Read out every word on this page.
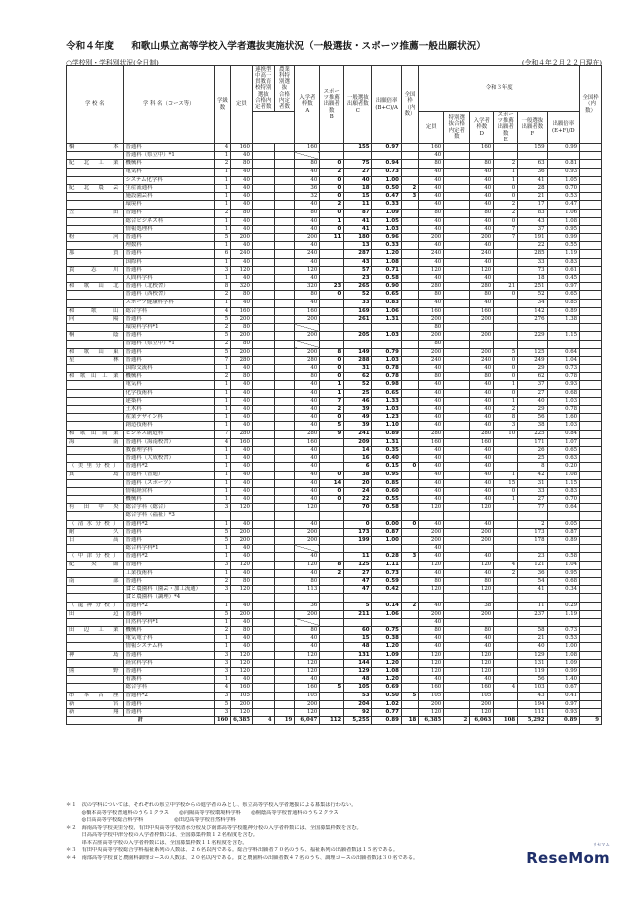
令和４年度 和歌山県立高等学校入学者選抜実施状況（一般選抜・スポーツ推薦一般出願状況）
○学校別・学科別状況(全日制)	(令和４年２月２２日現在)
学 校 名	学 科 名（コース等）	学級数	定員	連携型中高一貫教育校特別選抜
合格内定者数	農業科特別選抜
合格内定者数	入学者枠数
A	スポーツ推薦
出願者数
B	一般選抜
出願者数
C	出願倍率
(B+C)/A	全国枠（内数）	令和３年度						全国枠（内数）
											定員	特別選抜合格内定者数	入学者枠数
D	スポーツ推薦出願者数
E	一般選抜出願者数
F	出願倍率
(E+F)/D	
橋本	普通科	4	160			160		155	0.97		160		160		159	0.99	
	普通科（県立中）*1	1	40								40						
紀北工業	機械科	2	80			80	0	75	0.94		80		80	2	63	0.81	
	電気科	1	40			40	2	27	0.73		40		40	1	36	0.93	
	システム化学科	1	40			40	0	40	1.00		40		40	1	41	1.05	
紀北農芸	生産流通科	1	40			36	0	18	0.50	2	40		40	0	28	0.70	
	施設園芸科	1	40			32	0	15	0.47	3	40		40	0	21	0.53	
	環境科	1	40			40	2	11	0.33		40		40	2	17	0.47	
笠田	普通科	2	80			80	0	87	1.09		80		80	2	83	1.06	
	総合ビジネス科	1	40			40	1	41	1.05		40		40	0	43	1.08	
	情報処理科	1	40			40	0	41	1.03		40		40	7	37	0.95	
粉河	普通科	5	200			200	11	180	0.96		200		200	7	191	0.99	
	理数科	1	40			40		13	0.33		40		40		22	0.55	
那賀	普通科	6	240			240		287	1.20		240		240		285	1.19	
	国際科	1	40			40		43	1.08		40		40		33	0.83	
貴志川	普通科	3	120			120		57	0.71		120		120		73	0.61	
	人間科学科	1	40			40		23	0.58		40		40		18	0.45	
和歌山北	普通科（北校舎）	8	320			320	23	265	0.90		280		280	21	251	0.97	
	普通科（西校舎）	2	80			80	0	52	0.65		80		80	0	52	0.65	
	スポーツ健康科学科	1	40			40		33	0.83		40		40		34	0.85	
和歌山	総合学科	4	160			160		169	1.06		160		160		142	0.89	
向陽	普通科	5	200			200		261	1.31		200		200		276	1.38	
	環境科学科*1	2	80								80						
桐蔭	普通科	5	200			200		205	1.03		200		200		229	1.15	
	普通科（県立中）*1	2	80								80						
和歌山東	普通科	5	200			200	8	149	0.79		200		200	5	125	0.64	
星林	普通科	7	280			280	0	288	1.03		240		240	0	249	1.04	
	国際交流科	1	40			40	0	31	0.78		40		40	0	29	0.73	
和歌山工業	機械科	2	80			80	0	62	0.78		80		80	0	62	0.78	
	電気科	1	40			40	1	52	0.98		40		40	1	37	0.93	
	化学技術科	1	40			40	1	25	0.65		40		40	0	27	0.68	
	建築科	1	40			40	7	46	1.33		40		40	1	40	1.03	
	土木科	1	40			40	2	39	1.03		40		40	2	29	0.78	
	産業デザイン科	1	40			40	0	49	1.23		40		40	8	56	1.60	
	創造技術科	1	40			40	5	39	1.10		40		40	3	38	1.03	
和歌山商業	ビジネス創造科	7	280			280	9	241	0.89		280		280	10	225	0.84	
海南	普通科（海南校舎）	4	160			160		209	1.31		160		160		171	1.07	
	教養理学科	1	40			40		14	0.35		40		40		26	0.65	
	普通科（大成校舎）	1	40			40		16	0.40		40		40		25	0.63	
（美里分校）	普通科*2	1	40			40		6	0.15	0	40		40		8	0.20	
箕島	普通科（普通）	1	40			40	0	38	0.95		40		40	1	42	1.08	
	普通科（スポーツ）	1	40			40	14	20	0.85		40		40	15	31	1.15	
	情報経営科	1	40			40	0	24	0.60		40		40	0	33	0.83	
	機械科	1	40			40	0	22	0.55		40		40	1	27	0.70	
有田中央	総合学科（総合）	3	120			120		70	0.58		120		120		77	0.64	
	総合学科（福祉）*3																
（清水分校）	普通科*2	1	40			40		0	0.00	0	40		40		2	0.05	
耐久	普通科	5	200			200		173	0.87		200		200		173	0.87	
日高	普通科	5	200			200		199	1.00		200		200		178	0.89	
	総合科学科*1	1	40								40						
（中津分校）	普通科*2	1	40			40		11	0.28	3	40		40		23	0.58	
紀央館	普通科	3	120			120	8	125	1.11		120		120	4	121	1.04	
	工業技術科	1	40			40	2	27	0.73		40		40	2	36	0.95	
南部	普通科	2	80			80		47	0.59		80		80		54	0.68	
	食と農園科（園芸・加工流通）	3	120			113		47	0.42		120		120		41	0.34	
	食と農園科（調理）*4																
（龍神分校）	普通科*2	1	40			36		5	0.14	2	40		38		11	0.29	
田辺	普通科	5	200			200		211	1.06		200		200		237	1.19	
	自然科学科*1	1	40								40						
田辺工業	機械科	2	80			80		60	0.75		80		80		58	0.73	
	電気電子科	1	40			40		15	0.38		40		40		21	0.53	
	情報システム科	1	40			40		48	1.20		40		40		40	1.00	
神島	普通科	3	120			120		131	1.09		120		120		129	1.08	
	経営科学科	3	120			120		144	1.20		120		120		131	1.09	
熊野	普通科	3	120			120		129	1.08		120		120		119	0.99	
	看護科	1	40			40		48	1.20		40		40		56	1.40	
	総合学科	4	160			160	5	105	0.69		160		160	4	103	0.67	
串本古座	普通科*2	3	105			105		53	0.50	5	105		105		43	0.41	
新宮	普通科	5	200			200		204	1.02		200		200		194	0.97	
新翔	普通科	3	120			120		92	0.77		120		120		111	0.93	
計		160	6,385	4	19	6,047	112	5,255	0.89	18	6,385	2	6,063	108	5,292	0.89	9
＊１　次の学科については、それぞれの県立中学校からの進学者のみとし、県立高等学校入学者選抜による募集は行わない。
　　　◎橋本高等学校普通科のうち１クラス　　◎向陽高等学校環境科学科　　◎桐蔭高等学校普通科のうち２クラス
　　　◎日高高等学校総合科学科　　　　　　◎田辺高等学校自然科学科
＊２　海南高等学校美里分校、有田中央高等学校清水分校及び南部高等学校龍神分校の入学者枠数には、全国募集枠数を含む。
　　　日高高等学校中津分校の入学者枠数には、全国募集枠数１２名程度を含む。
　　　串本古座高等学校の入学者枠数には、全国募集枠数１１名程度を含む。
＊３　有田中央高等学校総合学科福祉系列の人数は、２６名以内である。総合学科出願者７０名のうち、福祉系列の出願者数は１５名である。
＊４　南部高等学校食と農園科調理コースの人数は、２０名以内である。食と農園科の出願者数４７名のうち、調理コースの出願者数は３０名である。	ReseMom
リセマム
